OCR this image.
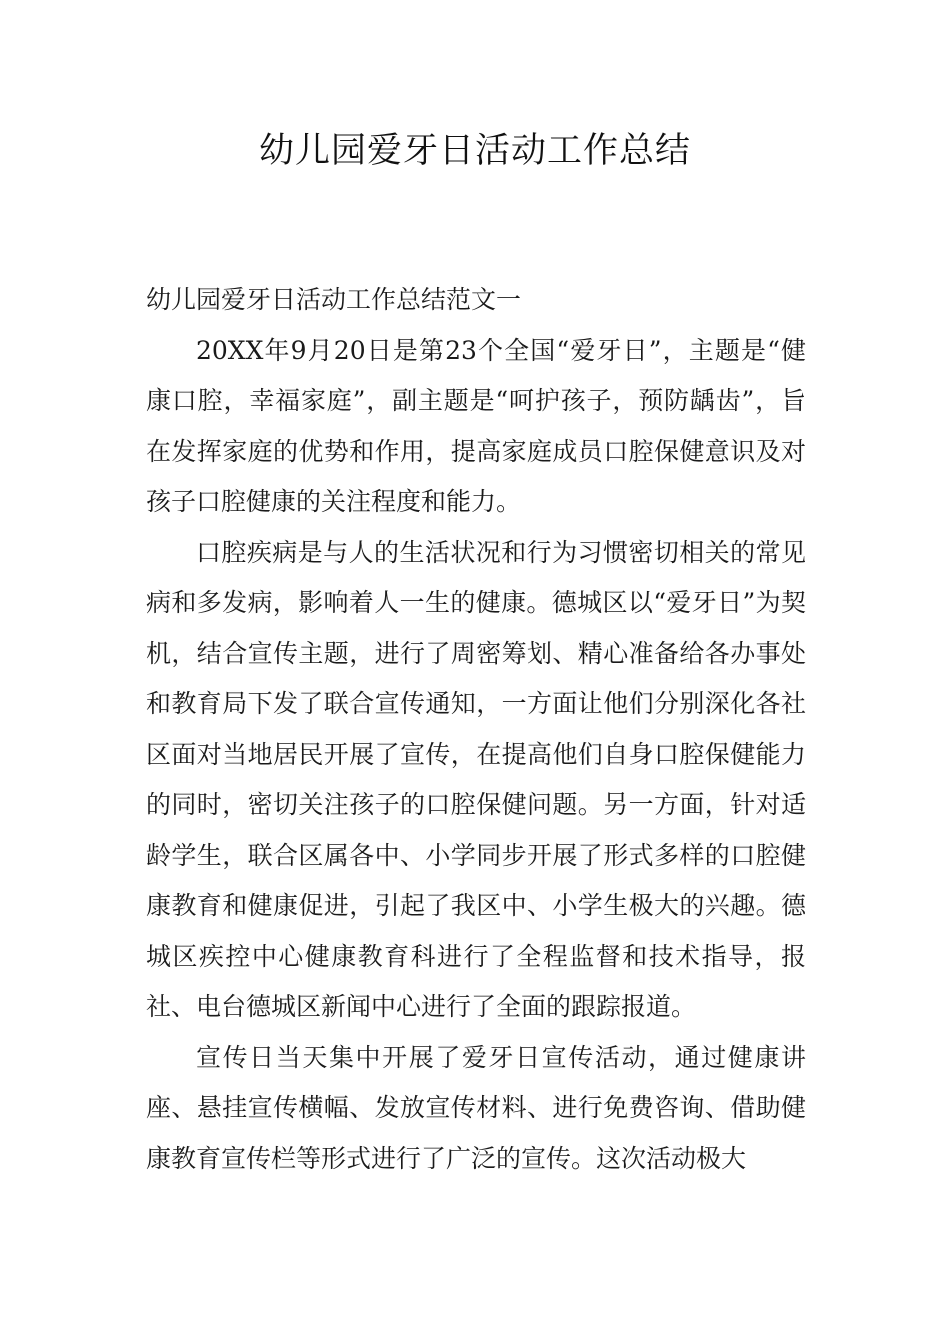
幼儿园爱牙日活动工作总结

幼儿园爱牙日活动工作总结范文一

20XX年9月20日是第23个全国“爱牙日”，主题是“健康口腔，幸福家庭”，副主题是“呵护孩子，预防龋齿”，旨在发挥家庭的优势和作用，提高家庭成员口腔保健意识及对孩子口腔健康的关注程度和能力。

口腔疾病是与人的生活状况和行为习惯密切相关的常见病和多发病，影响着人一生的健康。德城区以“爱牙日”为契机，结合宣传主题，进行了周密筹划、精心准备给各办事处和教育局下发了联合宣传通知，一方面让他们分别深化各社区面对当地居民开展了宣传，在提高他们自身口腔保健能力的同时，密切关注孩子的口腔保健问题。另一方面，针对适龄学生，联合区属各中、小学同步开展了形式多样的口腔健康教育和健康促进，引起了我区中、小学生极大的兴趣。德城区疾控中心健康教育科进行了全程监督和技术指导，报社、电台德城区新闻中心进行了全面的跟踪报道。

宣传日当天集中开展了爱牙日宣传活动，通过健康讲座、悬挂宣传横幅、发放宣传材料、进行免费咨询、借助健康教育宣传栏等形式进行了广泛的宣传。这次活动极大
